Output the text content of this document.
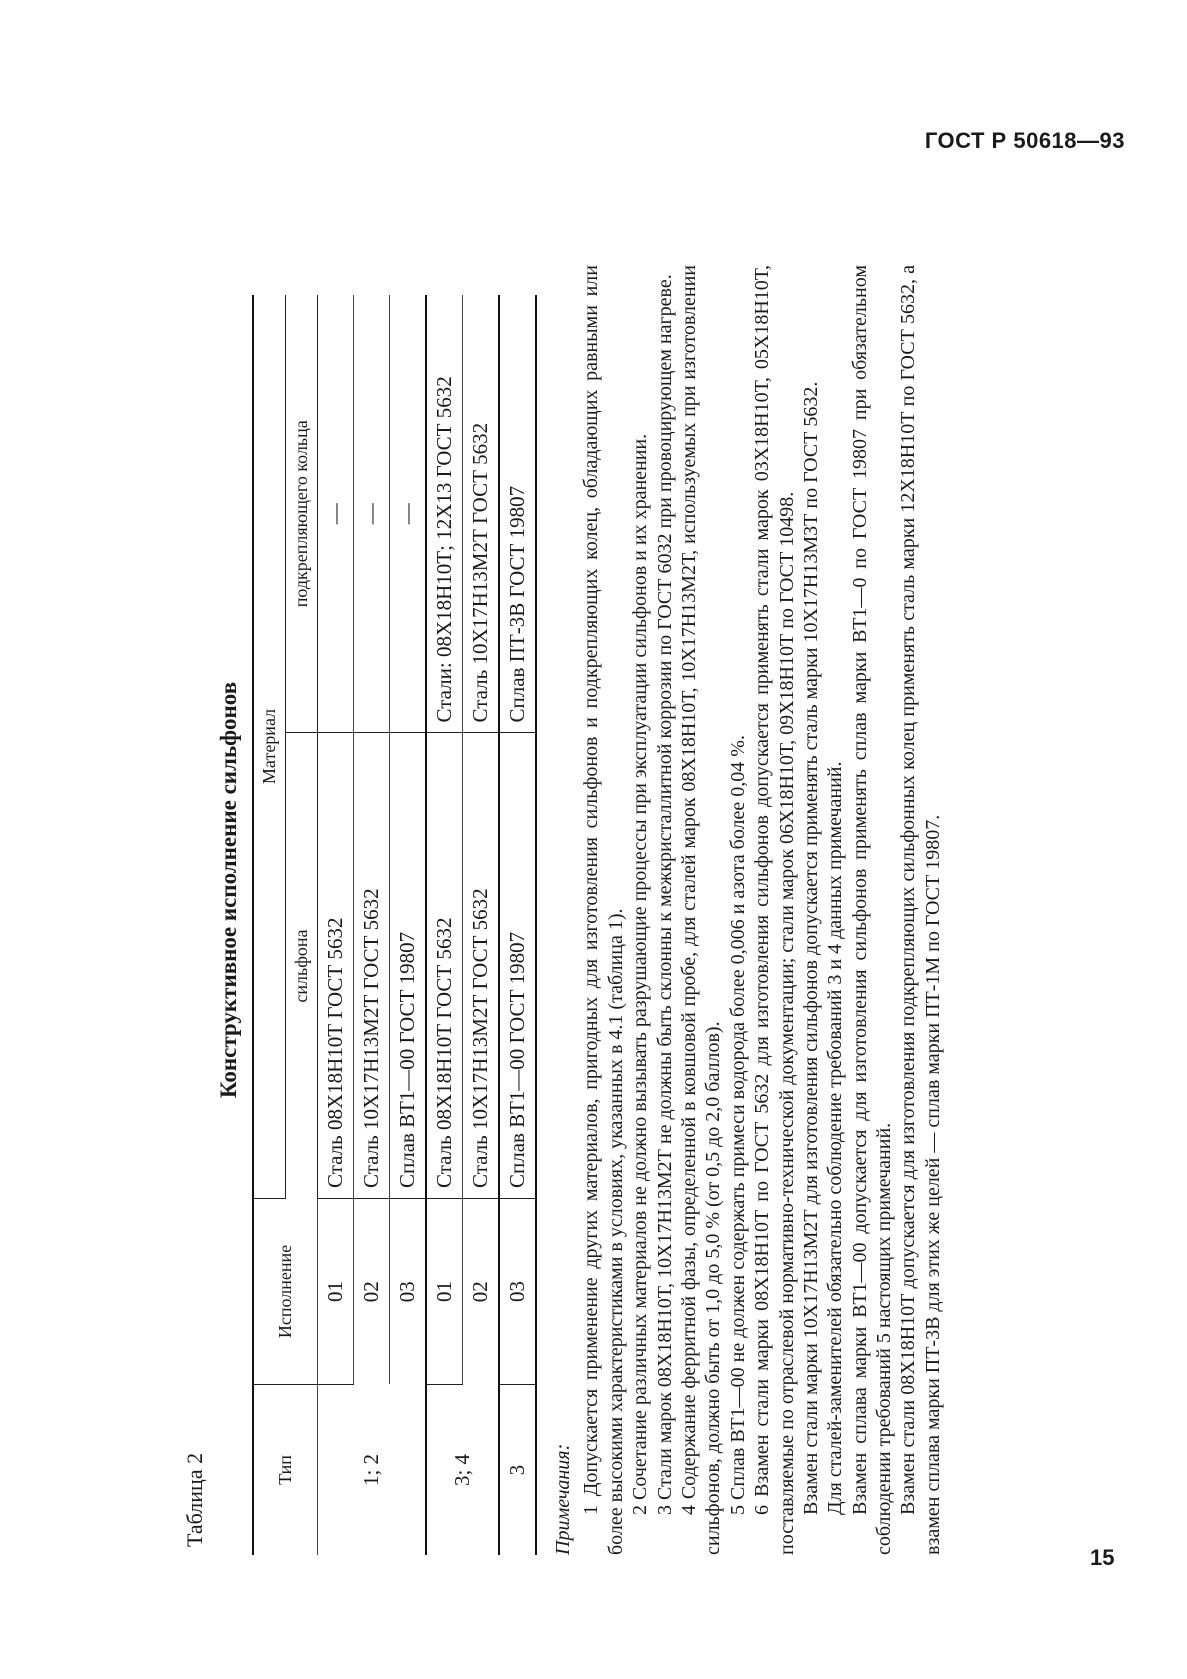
ГОСТ Р 50618—93
Таблица 2
Конструктивное исполнение сильфонов
Тип	Исполнение	Материал	
		сильфона	подкрепляющего кольца
1; 2	01	Сталь 08Х18Н10Т ГОСТ 5632	—
	02	Сталь 10Х17Н13М2Т ГОСТ 5632	—
	03	Сплав ВТ1—00 ГОСТ 19807	—
3; 4	01	Сталь 08Х18Н10Т ГОСТ 5632	Стали: 08Х18Н10Т; 12Х13 ГОСТ 5632
	02	Сталь 10Х17Н13М2Т ГОСТ 5632	Сталь 10Х17Н13М2Т ГОСТ 5632
3	03	Сплав ВТ1—00 ГОСТ 19807	Сплав ПТ-3В ГОСТ 19807
Примечания: 1 Допускается применение других материалов, пригодных для изготовления сильфонов и подкрепляющих колец, обладающих равными или более высокими характеристиками в условиях, указанных в 4.1 (таблица 1). 2 Сочетание различных материалов не должно вызывать разрушающие процессы при эксплуатации сильфонов и их хранении. 3 Стали марок 08Х18Н10Т, 10Х17Н13М2Т не должны быть склонны к межкристаллитной коррозии по ГОСТ 6032 при провоцирующем нагреве. 4 Содержание ферритной фазы, определенной в ковшовой пробе, для сталей марок 08Х18Н10Т, 10Х17Н13М2Т, используемых при изготовлении сильфонов, должно быть от 1,0 до 5,0 % (от 0,5 до 2,0 баллов). 5 Сплав ВТ1—00 не должен содержать примеси водорода более 0,006 и азота более 0,04 %. 6 Взамен стали марки 08Х18Н10Т по ГОСТ 5632 для изготовления сильфонов допускается применять стали марок 03Х18Н10Т, 05Х18Н10Т, поставляемые по отраслевой нормативно-технической документации; стали марок 06Х18Н10Т, 09Х18Н10Т по ГОСТ 10498. Взамен стали марки 10Х17Н13М2Т для изготовления сильфонов допускается применять сталь марки 10Х17Н13М3Т по ГОСТ 5632. Для сталей-заменителей обязательно соблюдение требований 3 и 4 данных примечаний. Взамен сплава марки ВТ1—00 допускается для изготовления сильфонов применять сплав марки ВТ1—0 по ГОСТ 19807 при обязательном соблюдении требований 5 настоящих примечаний. Взамен стали 08Х18Н10Т допускается для изготовления подкрепляющих сильфонных колец применять сталь марки 12Х18Н10Т по ГОСТ 5632, а взамен сплава марки ПТ-3В для этих же целей — сплав марки ПТ-1М по ГОСТ 19807.

15
